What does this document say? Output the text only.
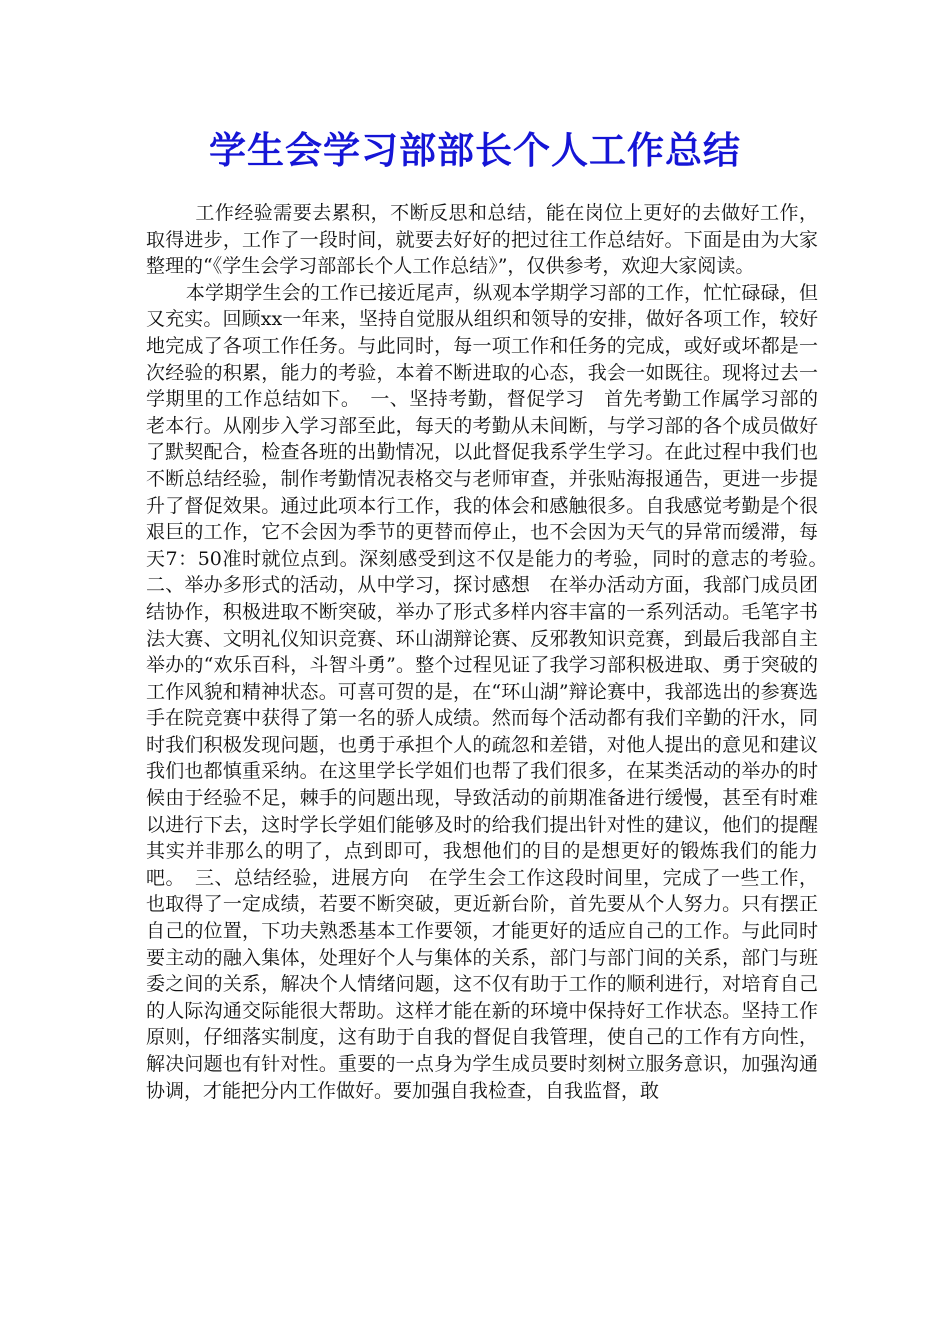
学生会学习部部长个人工作总结

工作经验需要去累积，不断反思和总结，能在岗位上更好的去做好工作，取得进步，工作了一段时间，就要去好好的把过往工作总结好。下面是由为大家整理的“《学生会学习部部长个人工作总结》”，仅供参考，欢迎大家阅读。

本学期学生会的工作已接近尾声，纵观本学期学习部的工作，忙忙碌碌，但又充实。回顾xx一年来，坚持自觉服从组织和领导的安排，做好各项工作，较好地完成了各项工作任务。与此同时，每一项工作和任务的完成，或好或坏都是一次经验的积累，能力的考验，本着不断进取的心态，我会一如既往。现将过去一学期里的工作总结如下。　一、坚持考勤，督促学习　首先考勤工作属学习部的老本行。从刚步入学习部至此，每天的考勤从未间断，与学习部的各个成员做好了默契配合，检查各班的出勤情况，以此督促我系学生学习。在此过程中我们也不断总结经验，制作考勤情况表格交与老师审查，并张贴海报通告，更进一步提升了督促效果。通过此项本行工作，我的体会和感触很多。自我感觉考勤是个很艰巨的工作，它不会因为季节的更替而停止，也不会因为天气的异常而缓滞，每天7：50准时就位点到。深刻感受到这不仅是能力的考验，同时的意志的考验。　二、举办多形式的活动，从中学习，探讨感想　在举办活动方面，我部门成员团结协作，积极进取不断突破，举办了形式多样内容丰富的一系列活动。毛笔字书法大赛、文明礼仪知识竞赛、环山湖辩论赛、反邪教知识竞赛，到最后我部自主举办的“欢乐百科，斗智斗勇”。整个过程见证了我学习部积极进取、勇于突破的工作风貌和精神状态。可喜可贺的是，在“环山湖”辩论赛中，我部选出的参赛选手在院竞赛中获得了第一名的骄人成绩。然而每个活动都有我们辛勤的汗水，同时我们积极发现问题，也勇于承担个人的疏忽和差错，对他人提出的意见和建议我们也都慎重采纳。在这里学长学姐们也帮了我们很多，在某类活动的举办的时候由于经验不足，棘手的问题出现，导致活动的前期准备进行缓慢，甚至有时难以进行下去，这时学长学姐们能够及时的给我们提出针对性的建议，他们的提醒其实并非那么的明了，点到即可，我想他们的目的是想更好的锻炼我们的能力吧。　三、总结经验，进展方向　在学生会工作这段时间里，完成了一些工作，也取得了一定成绩，若要不断突破，更近新台阶，首先要从个人努力。只有摆正自己的位置，下功夫熟悉基本工作要领，才能更好的适应自己的工作。与此同时要主动的融入集体，处理好个人与集体的关系，部门与部门间的关系，部门与班委之间的关系，解决个人情绪问题，这不仅有助于工作的顺利进行，对培育自己的人际沟通交际能很大帮助。这样才能在新的环境中保持好工作状态。坚持工作原则，仔细落实制度，这有助于自我的督促自我管理，使自己的工作有方向性，解决问题也有针对性。重要的一点身为学生成员要时刻树立服务意识，加强沟通协调，才能把分内工作做好。要加强自我检查，自我监督，敢
